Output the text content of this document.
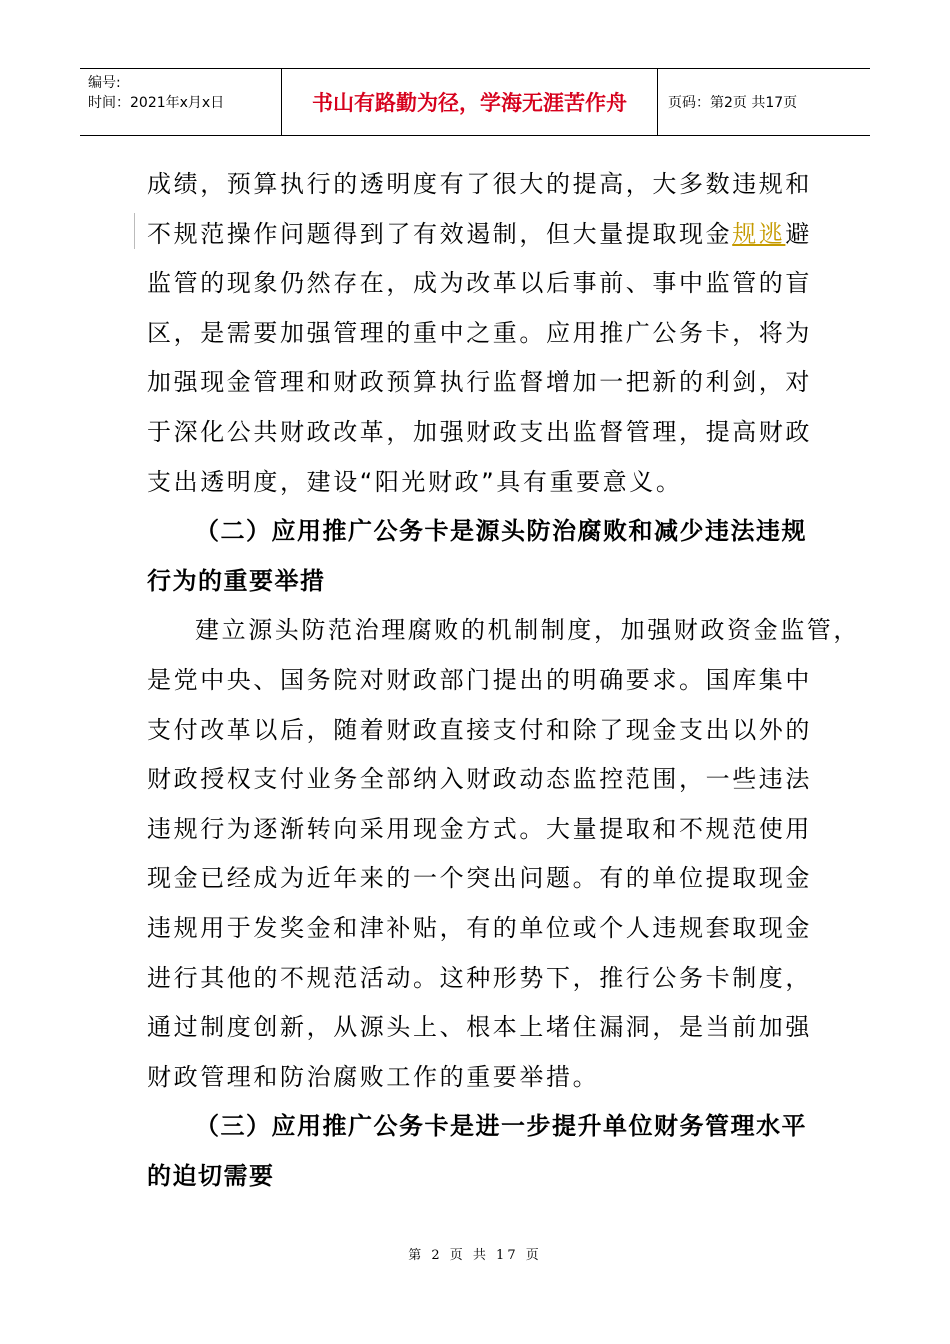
编号:
时间：2021年x月x日	书山有路勤为径，学海无涯苦作舟	页码：第2页 共17页
成绩，预算执行的透明度有了很大的提高，大多数违规和
不规范操作问题得到了有效遏制，但大量提取现金规逃避
监管的现象仍然存在，成为改革以后事前、事中监管的盲
区，是需要加强管理的重中之重。应用推广公务卡，将为
加强现金管理和财政预算执行监督增加一把新的利剑，对
于深化公共财政改革，加强财政支出监督管理，提高财政
支出透明度，建设“阳光财政”具有重要意义。
（二）应用推广公务卡是源头防治腐败和减少违法违规
行为的重要举措
建立源头防范治理腐败的机制制度，加强财政资金监管，
是党中央、国务院对财政部门提出的明确要求。国库集中
支付改革以后，随着财政直接支付和除了现金支出以外的
财政授权支付业务全部纳入财政动态监控范围，一些违法
违规行为逐渐转向采用现金方式。大量提取和不规范使用
现金已经成为近年来的一个突出问题。有的单位提取现金
违规用于发奖金和津补贴，有的单位或个人违规套取现金
进行其他的不规范活动。这种形势下，推行公务卡制度，
通过制度创新，从源头上、根本上堵住漏洞，是当前加强
财政管理和防治腐败工作的重要举措。
（三）应用推广公务卡是进一步提升单位财务管理水平
的迫切需要
第 2 页 共 17 页
